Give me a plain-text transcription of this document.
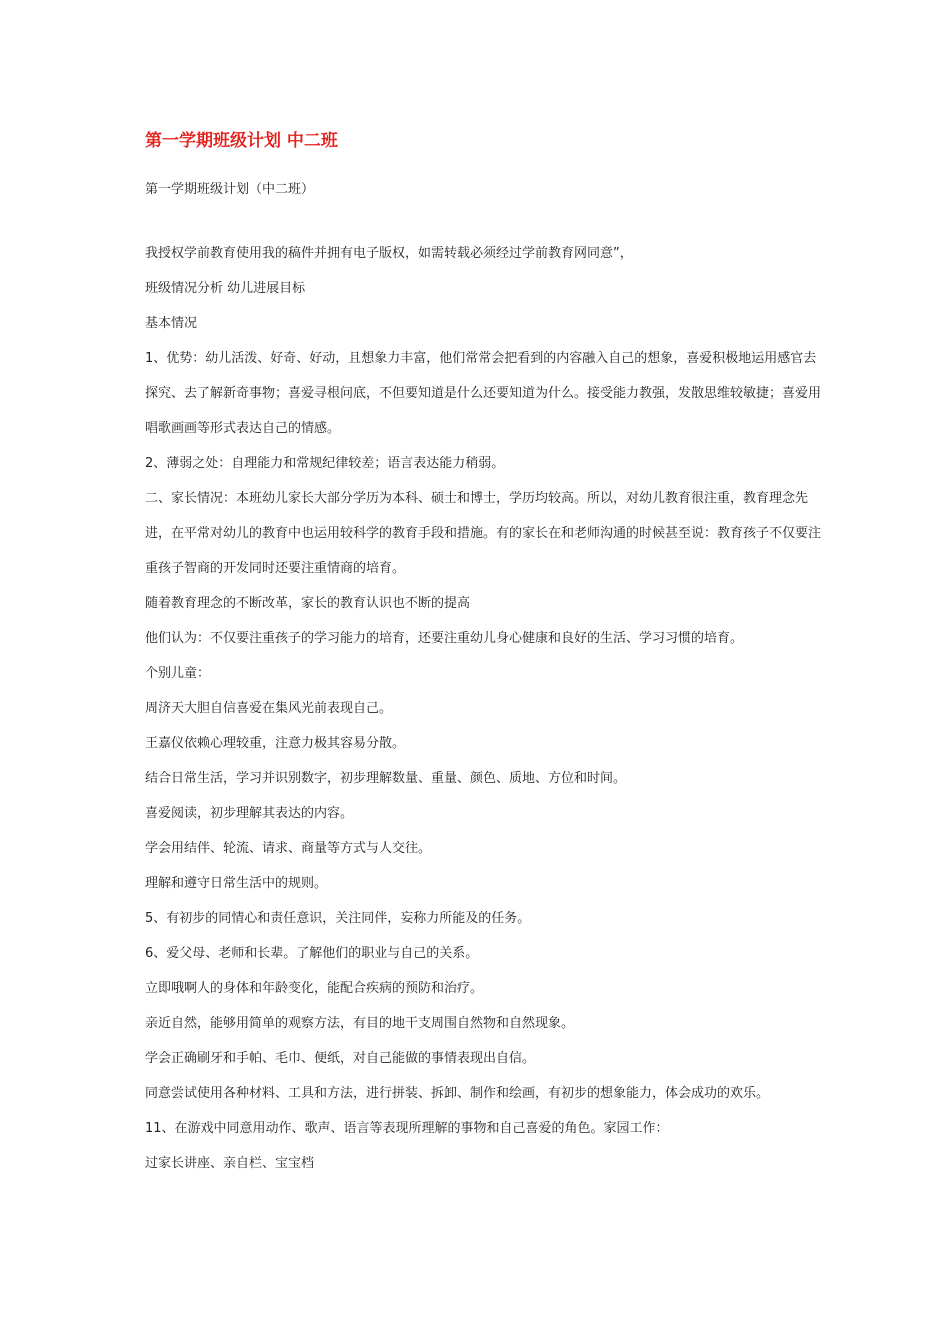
第一学期班级计划 中二班

第一学期班级计划（中二班）

我授权学前教育使用我的稿件并拥有电子版权，如需转载必须经过学前教育网同意”，

班级情况分析 幼儿进展目标

基本情况

1、优势：幼儿活泼、好奇、好动，且想象力丰富，他们常常会把看到的内容融入自己的想象，喜爱积极地运用感官去探究、去了解新奇事物；喜爱寻根问底，不但要知道是什么还要知道为什么。接受能力教强，发散思维较敏捷；喜爱用唱歌画画等形式表达自己的情感。

2、薄弱之处：自理能力和常规纪律较差；语言表达能力稍弱。

二、家长情况：本班幼儿家长大部分学历为本科、硕士和博士，学历均较高。所以，对幼儿教育很注重，教育理念先进，在平常对幼儿的教育中也运用较科学的教育手段和措施。有的家长在和老师沟通的时候甚至说：教育孩子不仅要注重孩子智商的开发同时还要注重情商的培育。

随着教育理念的不断改革，家长的教育认识也不断的提高

他们认为：不仅要注重孩子的学习能力的培育，还要注重幼儿身心健康和良好的生活、学习习惯的培育。

个别儿童：

周济天大胆自信喜爱在集风光前表现自己。

王嘉仪依赖心理较重，注意力极其容易分散。

结合日常生活，学习并识别数字，初步理解数量、重量、颜色、质地、方位和时间。

喜爱阅读，初步理解其表达的内容。

学会用结伴、轮流、请求、商量等方式与人交往。

理解和遵守日常生活中的规则。

5、有初步的同情心和责任意识，关注同伴，妄称力所能及的任务。

6、爱父母、老师和长辈。了解他们的职业与自己的关系。

立即哦啊人的身体和年龄变化，能配合疾病的预防和治疗。

亲近自然，能够用简单的观察方法，有目的地干支周围自然物和自然现象。

学会正确刷牙和手帕、毛巾、便纸，对自己能做的事情表现出自信。

同意尝试使用各种材料、工具和方法，进行拼装、拆卸、制作和绘画，有初步的想象能力，体会成功的欢乐。

11、在游戏中同意用动作、歌声、语言等表现所理解的事物和自己喜爱的角色。家园工作：

过家长讲座、亲自栏、宝宝档
